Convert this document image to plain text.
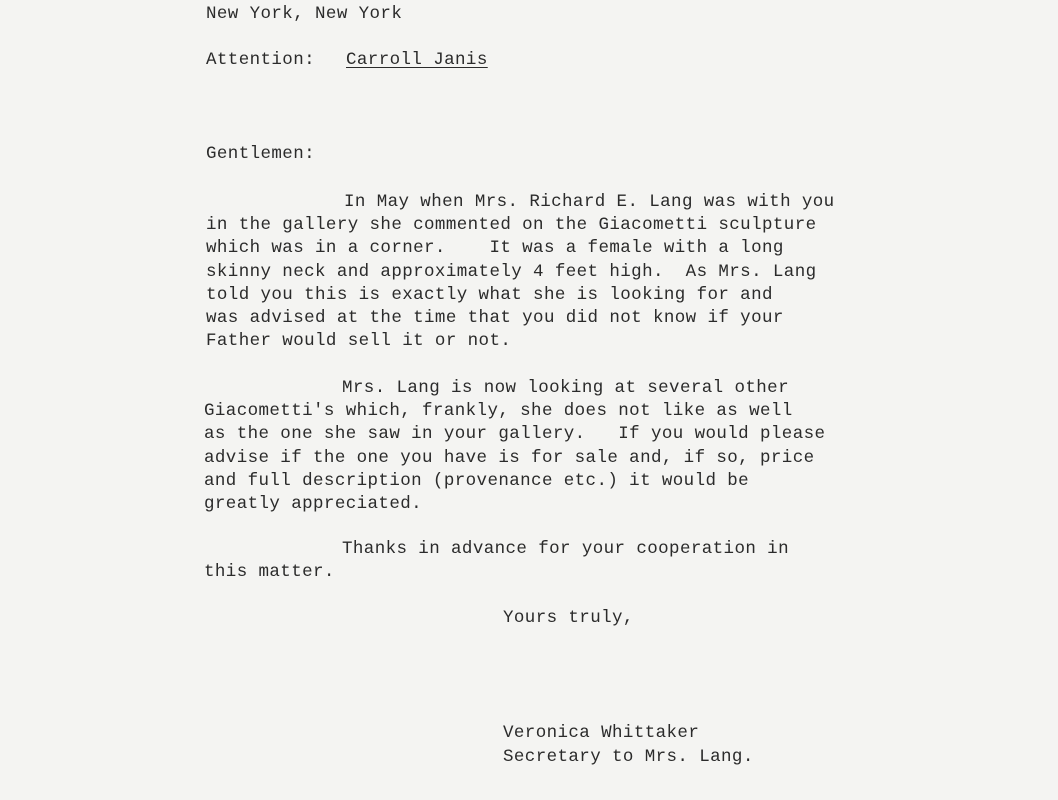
New York, New York
Attention: Carroll Janis
Gentlemen:
In May when Mrs. Richard E. Lang was with you
in the gallery she commented on the Giacometti sculpture
which was in a corner.    It was a female with a long
skinny neck and approximately 4 feet high.  As Mrs. Lang
told you this is exactly what she is looking for and
was advised at the time that you did not know if your
Father would sell it or not.
Mrs. Lang is now looking at several other
Giacometti's which, frankly, she does not like as well
as the one she saw in your gallery.   If you would please
advise if the one you have is for sale and, if so, price
and full description (provenance etc.) it would be
greatly appreciated.
Thanks in advance for your cooperation in
this matter.
Yours truly,
Veronica Whittaker
Secretary to Mrs. Lang.
